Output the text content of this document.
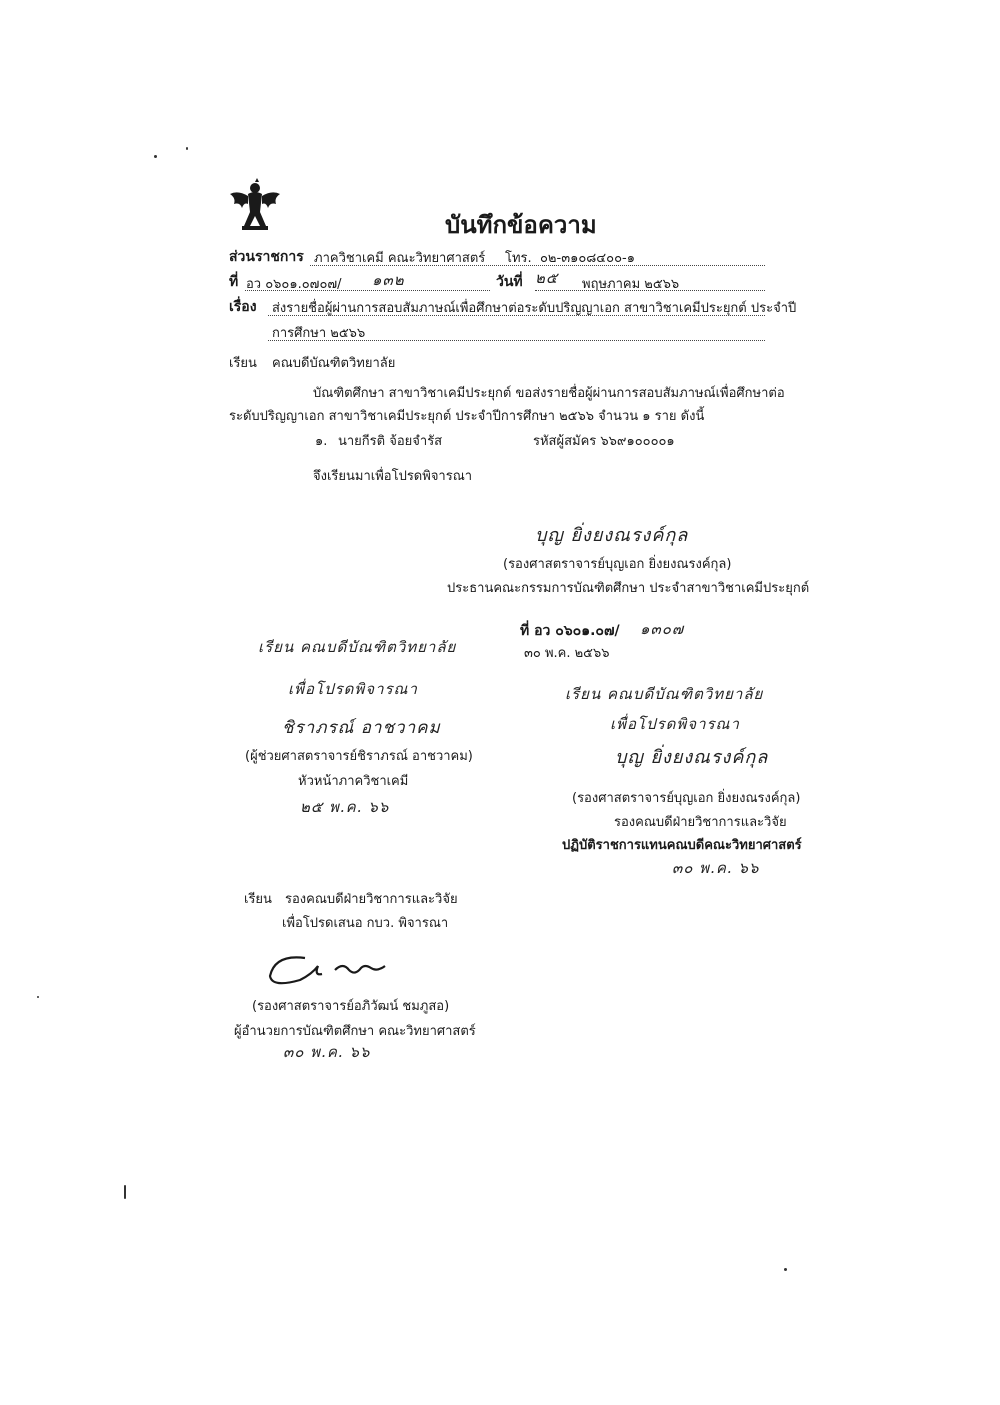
บันทึกข้อความ
ส่วนราชการ ภาควิชาเคมี คณะวิทยาศาสตร์ โทร. ๐๒-๓๑๐๘๔๐๐-๑
ที่ อว ๐๖๐๑.๐๗๐๗/ ๑๓๒	วันที่ ๒๕ พฤษภาคม ๒๕๖๖
เรื่อง ส่งรายชื่อผู้ผ่านการสอบสัมภาษณ์เพื่อศึกษาต่อระดับปริญญาเอก สาขาวิชาเคมีประยุกต์ ประจำปี
การศึกษา ๒๕๖๖
เรียน คณบดีบัณฑิตวิทยาลัย
บัณฑิตศึกษา สาขาวิชาเคมีประยุกต์ ขอส่งรายชื่อผู้ผ่านการสอบสัมภาษณ์เพื่อศึกษาต่อ
ระดับปริญญาเอก สาขาวิชาเคมีประยุกต์ ประจำปีการศึกษา ๒๕๖๖ จำนวน ๑ ราย ดังนี้
๑. นายกีรติ จ้อยจำรัส	รหัสผู้สมัคร ๖๖๙๑๐๐๐๐๑
จึงเรียนมาเพื่อโปรดพิจารณา
บุญ ยิ่งยงณรงค์กุล
(รองศาสตราจารย์บุญเอก ยิ่งยงณรงค์กุล)
ประธานคณะกรรมการบัณฑิตศึกษา ประจำสาขาวิชาเคมีประยุกต์
เรียน คณบดีบัณฑิตวิทยาลัย
เพื่อโปรดพิจารณา
ชิราภรณ์ อาชวาคม
(ผู้ช่วยศาสตราจารย์ชิราภรณ์ อาชวาคม)
หัวหน้าภาควิชาเคมี
๒๕ พ.ค. ๖๖
ที่ อว ๐๖๐๑.๐๗/ ๑๓๐๗
๓๐ พ.ค. ๒๕๖๖
เรียน คณบดีบัณฑิตวิทยาลัย
เพื่อโปรดพิจารณา
บุญ ยิ่งยงณรงค์กุล
(รองศาสตราจารย์บุญเอก ยิ่งยงณรงค์กุล)
รองคณบดีฝ่ายวิชาการและวิจัย
ปฏิบัติราชการแทนคณบดีคณะวิทยาศาสตร์
๓๐ พ.ค. ๖๖
เรียน รองคณบดีฝ่ายวิชาการและวิจัย
เพื่อโปรดเสนอ กบว. พิจารณา
(รองศาสตราจารย์อภิวัฒน์ ชมภูสอ)
ผู้อำนวยการบัณฑิตศึกษา คณะวิทยาศาสตร์
๓๐ พ.ค. ๖๖
